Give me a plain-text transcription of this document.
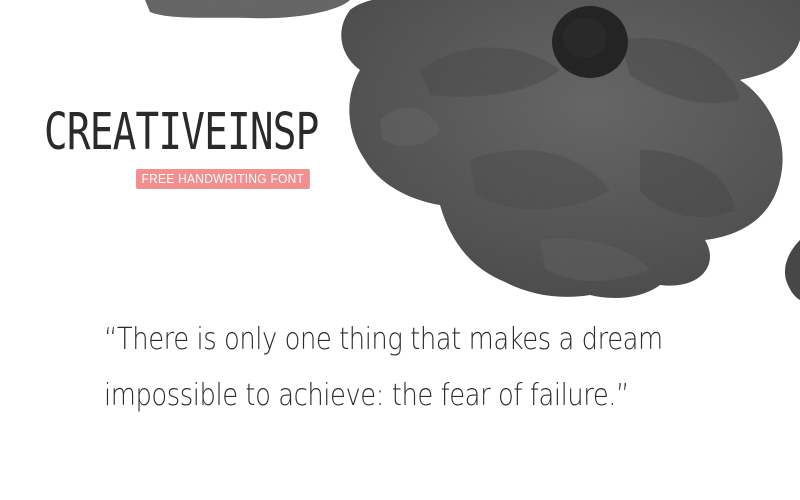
CREATIVEINSP
FREE HANDWRITING FONT
“There is only one thing that makes a dream
impossible to achieve: the fear of failure.”
